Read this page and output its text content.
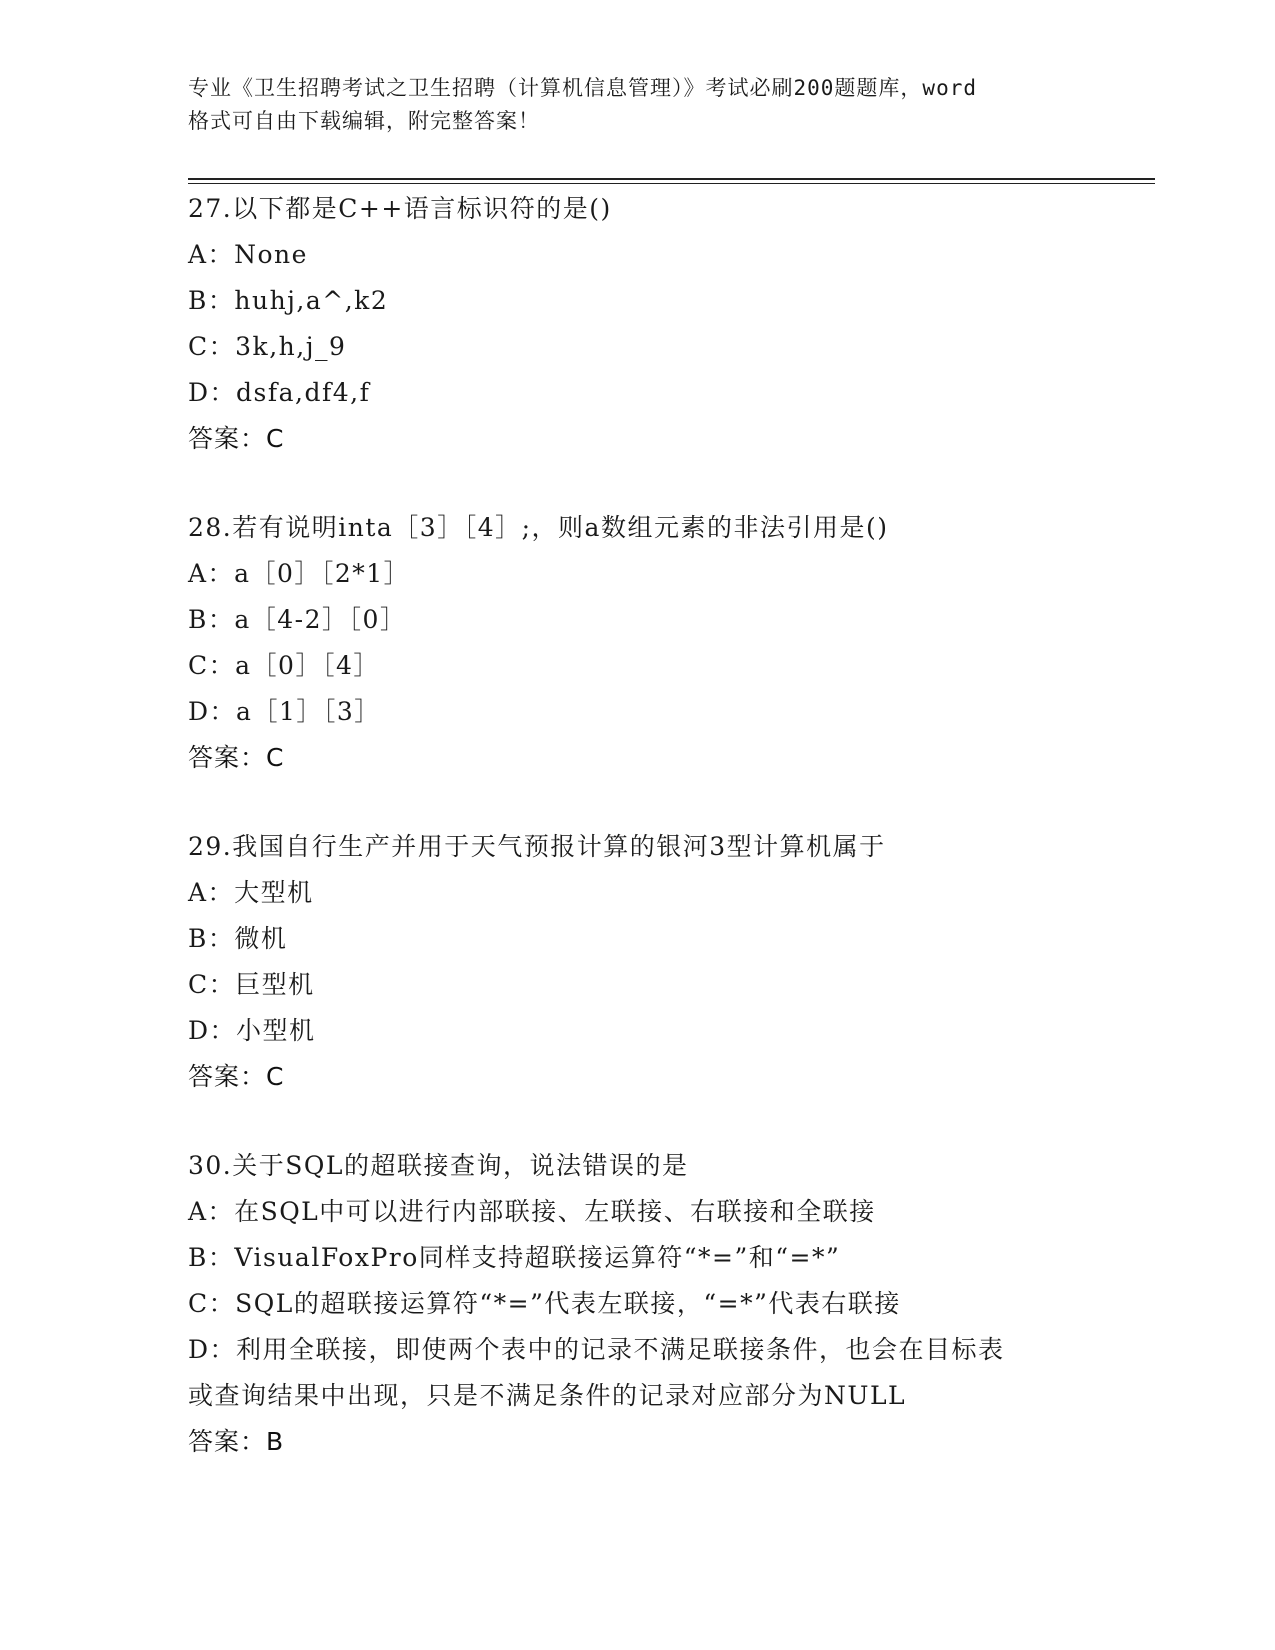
专业《卫生招聘考试之卫生招聘（计算机信息管理）》考试必刷200题题库，word
格式可自由下载编辑，附完整答案！
27.以下都是C++语言标识符的是()
A：None
B：huhj,a^,k2
C：3k,h,j_9
D：dsfa,df4,f
答案：C
28.若有说明inta［3］［4］;，则a数组元素的非法引用是()
A：a［0］［2*1］
B：a［4-2］［0］
C：a［0］［4］
D：a［1］［3］
答案：C
29.我国自行生产并用于天气预报计算的银河3型计算机属于
A：大型机
B：微机
C：巨型机
D：小型机
答案：C
30.关于SQL的超联接查询，说法错误的是
A：在SQL中可以进行内部联接、左联接、右联接和全联接
B：VisualFoxPro同样支持超联接运算符“*=”和“=*”
C：SQL的超联接运算符“*=”代表左联接，“=*”代表右联接
D：利用全联接，即使两个表中的记录不满足联接条件，也会在目标表
或查询结果中出现，只是不满足条件的记录对应部分为NULL
答案：B
